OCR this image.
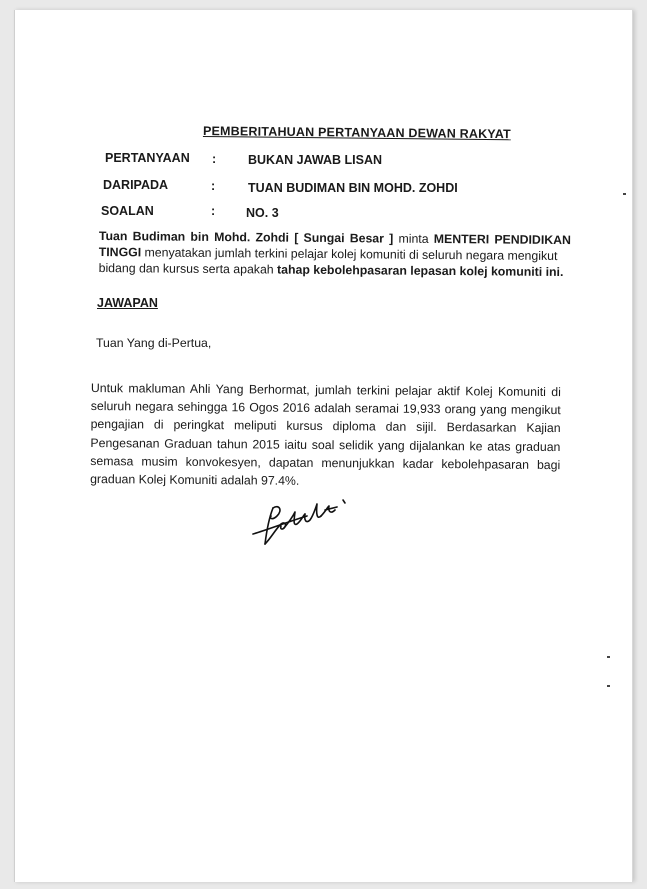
PEMBERITAHUAN PERTANYAAN DEWAN RAKYAT
PERTANYAAN :	BUKAN JAWAB LISAN
DARIPADA	:	TUAN BUDIMAN BIN MOHD. ZOHDI
SOALAN	: NO. 3
Tuan Budiman bin Mohd. Zohdi [ Sungai Besar ] minta MENTERI PENDIDIKAN
TINGGI menyatakan jumlah terkini pelajar kolej komuniti di seluruh negara mengikut
bidang dan kursus serta apakah tahap kebolehpasaran lepasan kolej komuniti ini.
JAWAPAN
Tuan Yang di-Pertua,
Untuk makluman Ahli Yang Berhormat, jumlah terkini pelajar aktif Kolej Komuniti di
seluruh negara sehingga 16 Ogos 2016 adalah seramai 19,933 orang yang mengikut
pengajian di peringkat meliputi kursus diploma dan sijil. Berdasarkan Kajian
Pengesanan Graduan tahun 2015 iaitu soal selidik yang dijalankan ke atas graduan
semasa musim konvokesyen, dapatan menunjukkan kadar kebolehpasaran bagi
graduan Kolej Komuniti adalah 97.4%.
